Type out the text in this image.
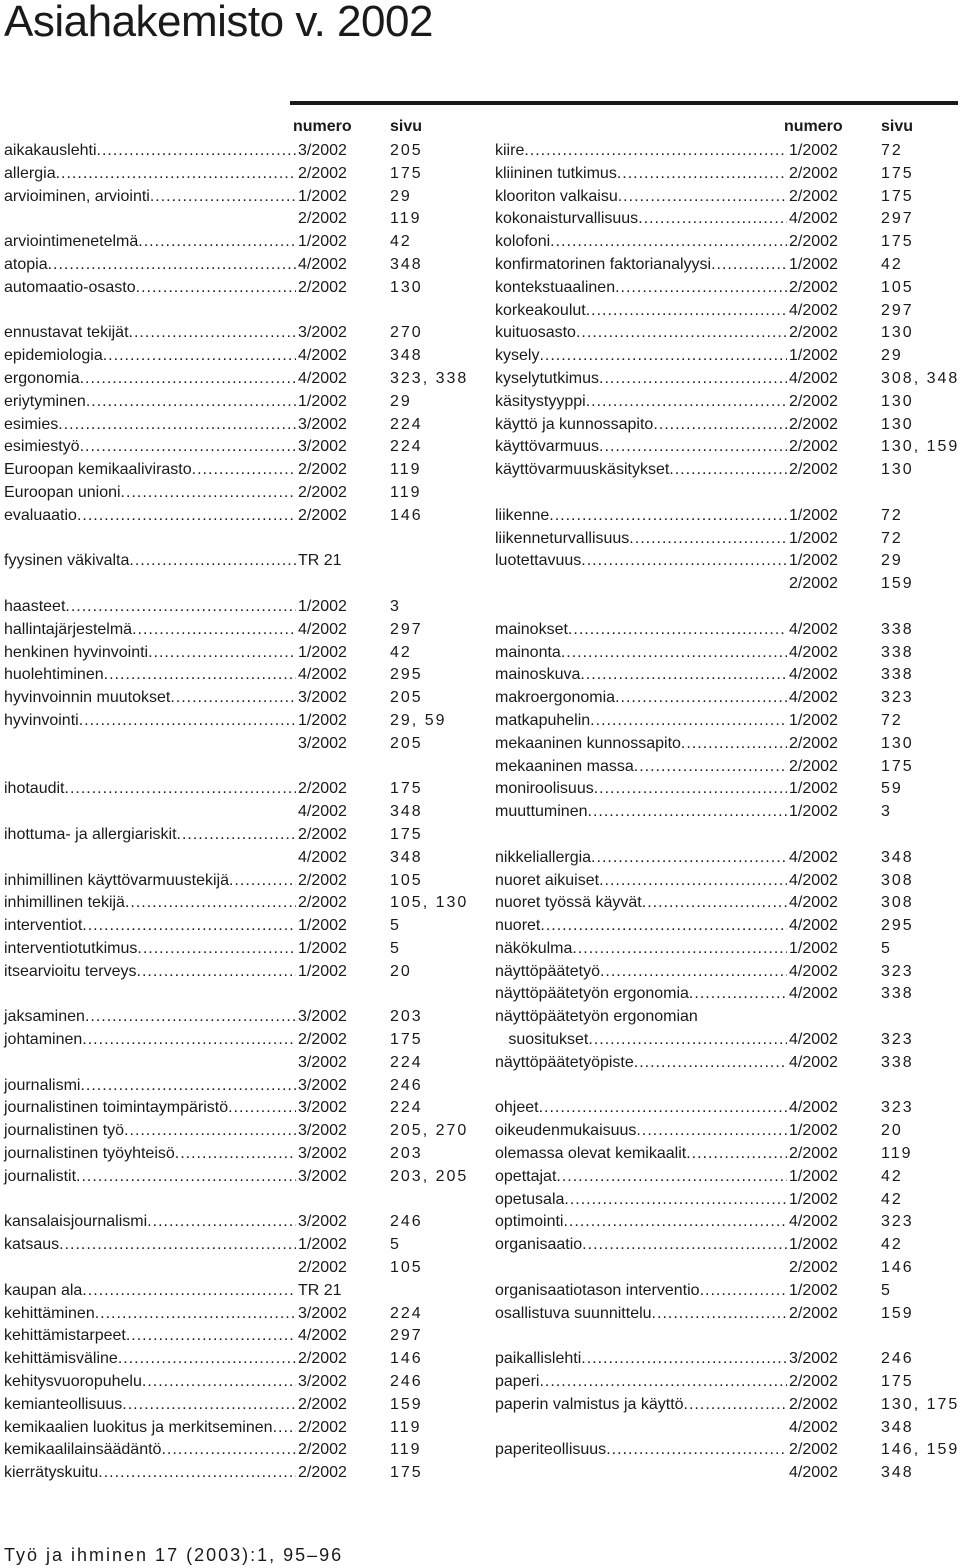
Asiahakemisto v. 2002
numero sivu
aikakauslehti .....	3/2002	205
allergia .....	2/2002	175
arvioiminen, arviointi .....	1/2002	29
2/2002	119
arviointimenetelmä .....	1/2002	42
atopia .....	4/2002	348
automaatio-osasto .....	2/2002	130
ennustavat tekijät .....	3/2002	270
epidemiologia .....	4/2002	348
ergonomia .....	4/2002	323, 338
eriytyminen .....	1/2002	29
esimies .....	3/2002	224
esimiestyö .....	3/2002	224
Euroopan kemikaalivirasto .....	2/2002	119
Euroopan unioni .....	2/2002	119
evaluaatio .....	2/2002	146
fyysinen väkivalta .....	TR 21
haasteet .....	1/2002	3
hallintajärjestelmä .....	4/2002	297
henkinen hyvinvointi .....	1/2002	42
huolehtiminen .....	4/2002	295
hyvinvoinnin muutokset .....	3/2002	205
hyvinvointi .....	1/2002	29, 59
3/2002	205
ihotaudit .....	2/2002	175
4/2002	348
ihottuma- ja allergiariskit .....	2/2002	175
4/2002	348
inhimillinen käyttövarmuustekijä .....	2/2002	105
inhimillinen tekijä .....	2/2002	105, 130
interventiot .....	1/2002	5
interventiotutkimus .....	1/2002	5
itsearvioitu terveys .....	1/2002	20
jaksaminen .....	3/2002	203
johtaminen .....	2/2002	175
3/2002	224
journalismi .....	3/2002	246
journalistinen toimintaympäristö .....	3/2002	224
journalistinen työ .....	3/2002	205, 270
journalistinen työyhteisö .....	3/2002	203
journalistit .....	3/2002	203, 205
kansalaisjournalismi .....	3/2002	246
katsaus .....	1/2002	5
2/2002	105
kaupan ala .....	TR 21
kehittäminen .....	3/2002	224
kehittämistarpeet .....	4/2002	297
kehittämisväline .....	2/2002	146
kehitysvuoropuhelu .....	3/2002	246
kemianteollisuus .....	2/2002	159
kemikaalien luokitus ja merkitseminen ..... 2/2002	119
kemikaalilainsäädäntö .....	2/2002	119
kierrätyskuitu .....	2/2002	175
numero sivu
kiire .....	1/2002	72
kliininen tutkimus .....	2/2002	175
klooriton valkaisu .....	2/2002	175
kokonaisturvallisuus .....	4/2002	297
kolofoni .....	2/2002	175
konfirmatorinen faktorianalyysi .....	1/2002	42
kontekstuaalinen .....	2/2002	105
korkeakoulut .....	4/2002	297
kuituosasto .....	2/2002	130
kysely .....	1/2002	29
kyselytutkimus .....	4/2002	308, 348
käsitystyyppi .....	2/2002	130
käyttö ja kunnossapito .....	2/2002	130
käyttövarmuus .....	2/2002	130, 159
käyttövarmuuskäsitykset .....	2/2002	130
liikenne .....	1/2002	72
liikenneturvallisuus .....	1/2002	72
luotettavuus .....	1/2002	29
2/2002	159
mainokset .....	4/2002	338
mainonta .....	4/2002	338
mainoskuva .....	4/2002	338
makroergonomia .....	4/2002	323
matkapuhelin .....	1/2002	72
mekaaninen kunnossapito .....	2/2002	130
mekaaninen massa .....	2/2002	175
moniroolisuus .....	1/2002	59
muuttuminen .....	1/2002	3
nikkeliallergia .....	4/2002	348
nuoret aikuiset .....	4/2002	308
nuoret työssä käyvät .....	4/2002	308
nuoret .....	4/2002	295
näkökulma .....	1/2002	5
näyttöpäätetyö .....	4/2002	323
näyttöpäätetyön ergonomia .....	4/2002	338
näyttöpäätetyön ergonomian
suositukset .....	4/2002	323
näyttöpäätetyöpiste .....	4/2002	338
ohjeet .....	4/2002	323
oikeudenmukaisuus .....	1/2002	20
olemassa olevat kemikaalit .....	2/2002	119
opettajat .....	1/2002	42
opetusala .....	1/2002	42
optimointi .....	4/2002	323
organisaatio .....	1/2002	42
2/2002	146
organisaatiotason interventio .....	1/2002	5
osallistuva suunnittelu .....	2/2002	159
paikallislehti .....	3/2002	246
paperi .....	2/2002	175
paperin valmistus ja käyttö .....	2/2002	130, 175
4/2002	348
paperiteollisuus .....	2/2002	146, 159
4/2002	348
Työ ja ihminen 17 (2003):1, 95–96
